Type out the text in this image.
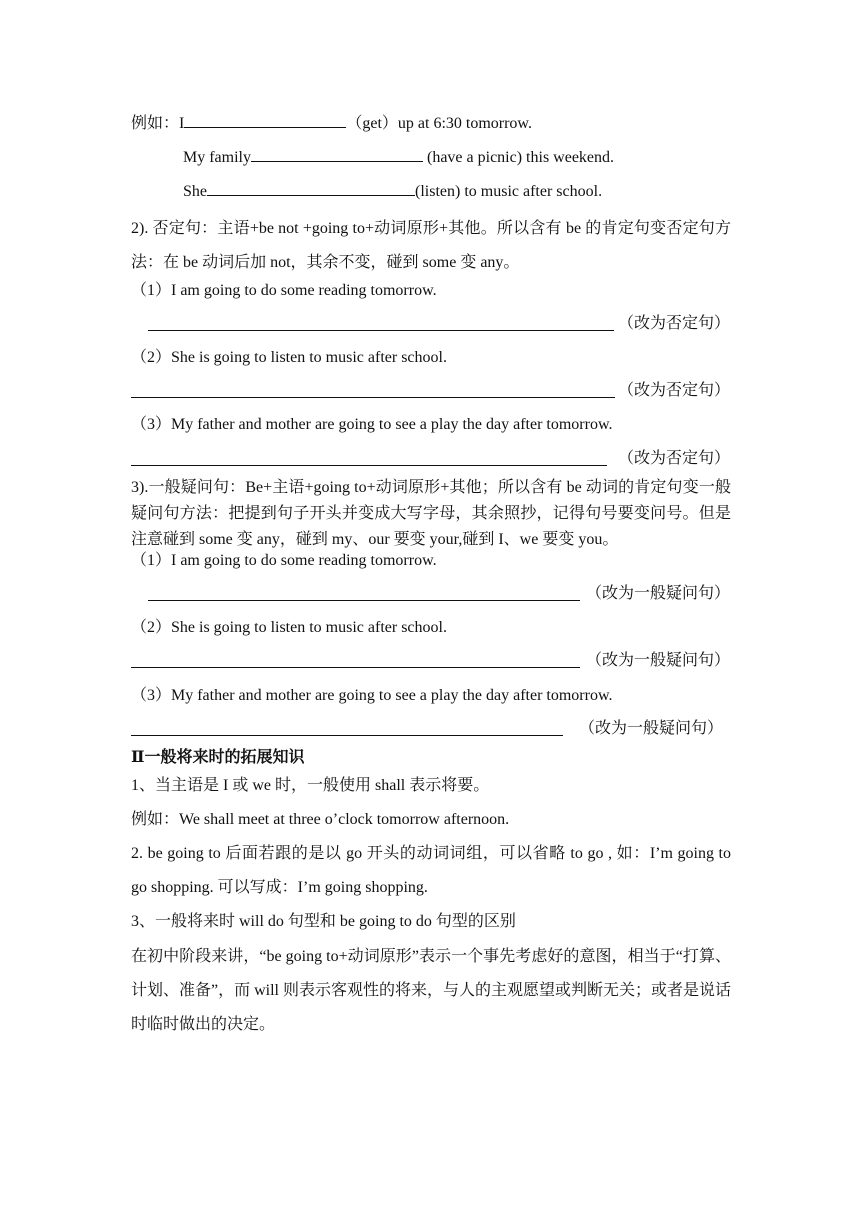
例如：I	（get）up at 6:30 tomorrow.
My family	(have a picnic) this weekend.
She	(listen) to music after school.
2). 否定句：主语+be not +going to+动词原形+其他。所以含有 be 的肯定句变否定句方法：在 be 动词后加 not，其余不变，碰到 some 变 any。
（1）I am going to do some reading tomorrow.
（改为否定句）
（2）She is going to listen to music after school.
（改为否定句）
（3）My father and mother are going to see a play the day after tomorrow.
（改为否定句）
3).一般疑问句：Be+主语+going to+动词原形+其他；所以含有 be 动词的肯定句变一般疑问句方法：把提到句子开头并变成大写字母，其余照抄，记得句号要变问号。但是注意碰到 some 变 any，碰到 my、our 要变 your,碰到 I、we 要变 you。
（1）I am going to do some reading tomorrow.
（改为一般疑问句）
（2）She is going to listen to music after school.
（改为一般疑问句）
（3）My father and mother are going to see a play the day after tomorrow.
（改为一般疑问句）
Ⅱ一般将来时的拓展知识
1、当主语是 I 或 we 时，一般使用 shall 表示将要。
例如：We shall meet at three o’clock tomorrow afternoon.
2. be going to 后面若跟的是以 go 开头的动词词组，可以省略 to go , 如：I’m going to go shopping. 可以写成：I’m going shopping.
3、一般将来时 will do 句型和 be going to do 句型的区别
在初中阶段来讲，“be going to+动词原形”表示一个事先考虑好的意图，相当于“打算、计划、准备”，而 will 则表示客观性的将来，与人的主观愿望或判断无关；或者是说话时临时做出的决定。
